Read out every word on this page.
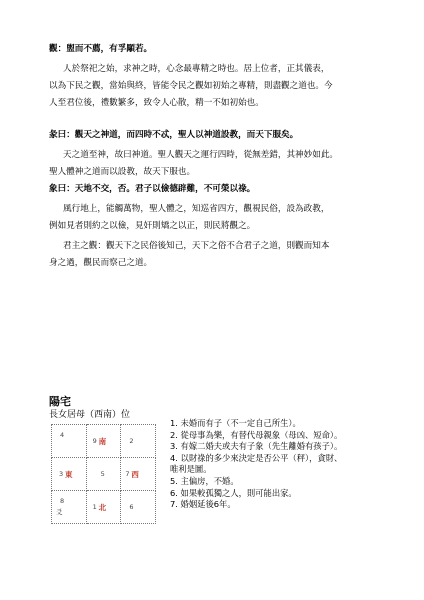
觀：盥而不薦，有孚顒若。
人於祭祀之始，求神之時，心念最專精之時也。居上位者，正其儀表，
以為下民之觀，當始與終，皆能令民之觀如初始之專精，則盡觀之道也。今
人至君位後，禮數繁多，致令人心散，精一不如初始也。
彖曰：觀天之神道，而四時不忒，聖人以神道設教，而天下服矣。
天之道至神，故曰神道。聖人觀天之運行四時，從無差錯，其神妙如此。
聖人體神之道而以設教，故天下服也。
象曰：天地不交，否。君子以儉德辟難，不可榮以祿。
風行地上，能觸萬物，聖人體之，知巡省四方，觀視民俗，設為政教，
例如見者則約之以儉，見奸則矯之以正，則民將觀之。
君主之觀：觀天下之民俗後知己，天下之俗不合君子之道，則觀而知本
身之過，觀民而察己之道。
陽宅
長女居母（西南）位
4	9 南	2

3 東	5	7 西

8
爻	1 北	6
1. 未婚而有子（不一定自己所生）。
2. 從母事為樂，有替代母親象（母凶、短命）。
3. 有嫁二婚夫或夫有子象（先生離婚有孩子）。
4. 以財祿的多少來決定是否公平（秤），貪財、
唯利是圖。
5. 主偏房，不婚。
6. 如果較孤獨之人，則可能出家。
7. 婚姻延後6年。
